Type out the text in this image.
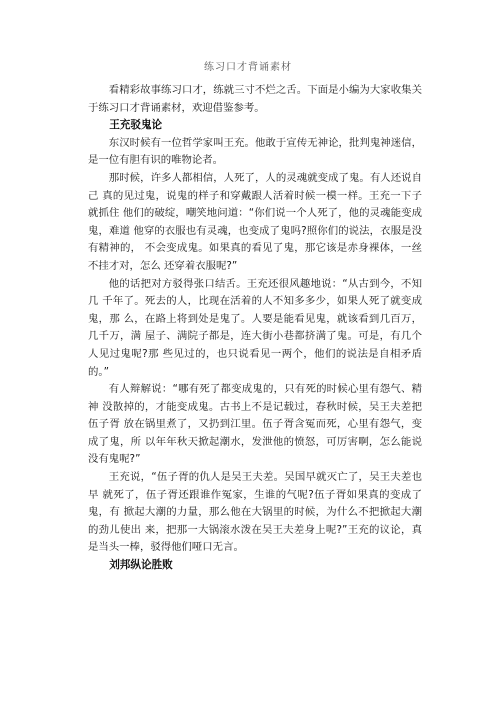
练习口才背诵素材

看精彩故事练习口才，练就三寸不烂之舌。下面是小编为大家收集关于练习口才背诵素材，欢迎借鉴参考。

王充驳鬼论

东汉时候有一位哲学家叫王充。他敢于宣传无神论，批判鬼神迷信，是一位有胆有识的唯物论者。

那时候，许多人都相信，人死了，人的灵魂就变成了鬼。有人还说自己 真的见过鬼，说鬼的样子和穿戴跟人活着时候一模一样。王充一下子就抓住 他们的破绽，嘲笑地问道：“你们说一个人死了，他的灵魂能变成鬼，难道 他穿的衣服也有灵魂，也变成了鬼吗?照你们的说法，衣服是没有精神的， 不会变成鬼。如果真的看见了鬼，那它该是赤身裸体，一丝不挂才对，怎么 还穿着衣服呢?”

他的话把对方驳得张口结舌。王充还很风趣地说：“从古到今，不知几 千年了。死去的人，比现在活着的人不知多多少，如果人死了就变成鬼，那 么，在路上将到处是鬼了。人要是能看见鬼，就该看到几百万，几千万，满 屋子、满院子都是，连大街小巷都挤满了鬼。可是，有几个人见过鬼呢?那 些见过的，也只说看见一两个，他们的说法是自相矛盾的。”

有人辩解说：“哪有死了都变成鬼的，只有死的时候心里有怨气、精神 没散掉的，才能变成鬼。古书上不是记载过，春秋时候，吴王夫差把伍子胥 放在锅里煮了，又扔到江里。伍子胥含冤而死，心里有怨气，变成了鬼，所 以年年秋天掀起潮水，发泄他的愤怒，可厉害啊，怎么能说没有鬼呢?”

王充说，“伍子胥的仇人是吴王夫差。吴国早就灭亡了，吴王夫差也早 就死了，伍子胥还跟谁作冤家，生谁的气呢?伍子胥如果真的变成了鬼，有 掀起大潮的力量，那么他在大锅里的时候，为什么不把掀起大潮的劲儿使出 来，把那一大锅滚水泼在吴王夫差身上呢?”王充的议论，真是当头一棒，驳得他们哑口无言。

刘邦纵论胜败
